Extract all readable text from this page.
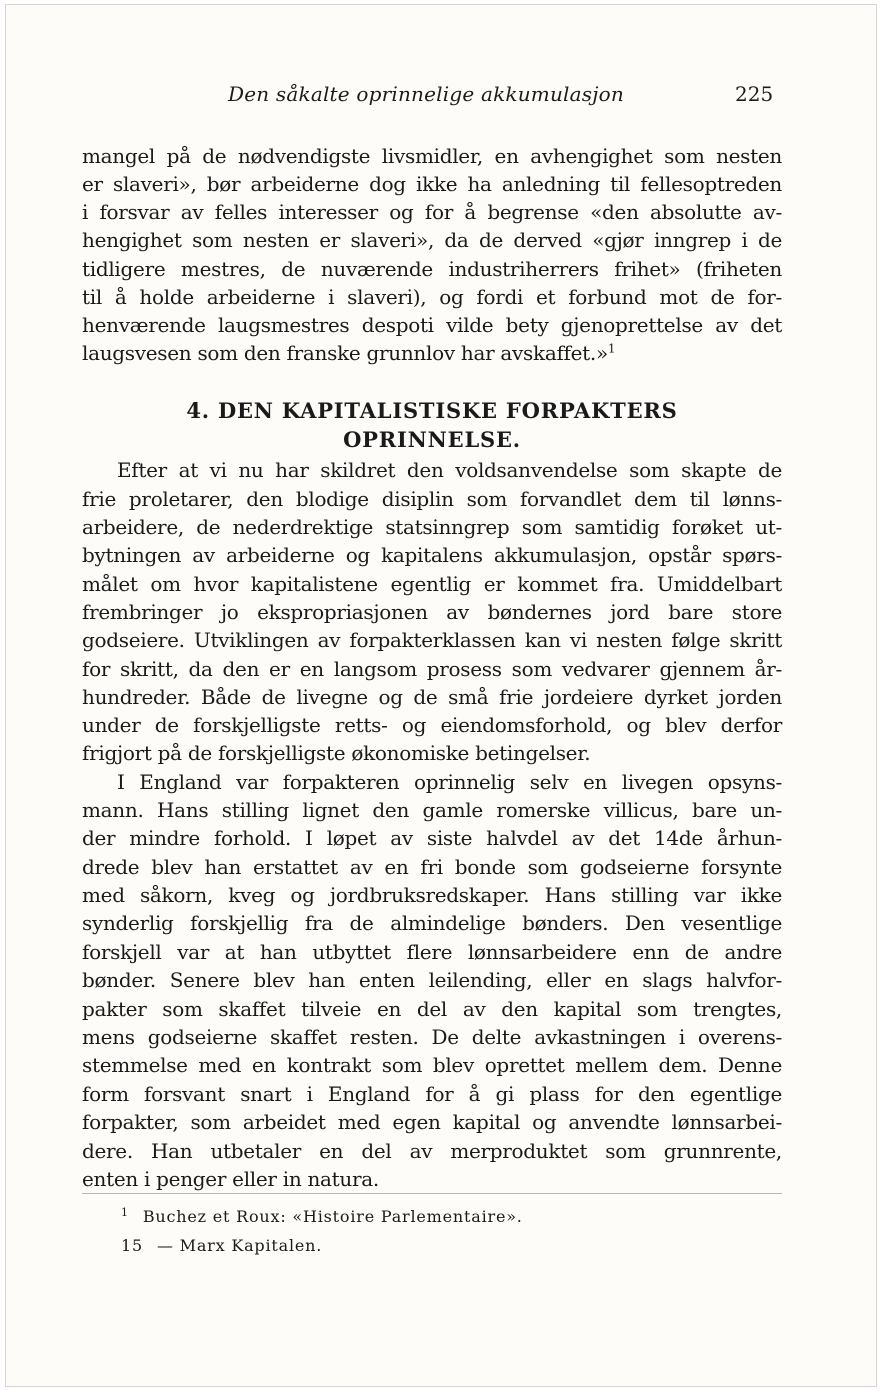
Den såkalte oprinnelige akkumulasjon	225
mangel på de nødvendigste livsmidler, en avhengighet som nesten
er slaveri», bør arbeiderne dog ikke ha anledning til fellesoptreden
i forsvar av felles interesser og for å begrense «den absolutte av-
hengighet som nesten er slaveri», da de derved «gjør inngrep i de
tidligere mestres, de nuværende industriherrers frihet» (friheten
til å holde arbeiderne i slaveri), og fordi et forbund mot de for-
henværende laugsmestres despoti vilde bety gjenoprettelse av det
laugsvesen som den franske grunnlov har avskaffet.»$^1$
4. DEN KAPITALISTISKE FORPAKTERS
OPRINNELSE.
Efter at vi nu har skildret den voldsanvendelse som skapte de
frie proletarer, den blodige disiplin som forvandlet dem til lønns-
arbeidere, de nederdrektige statsinngrep som samtidig forøket ut-
bytningen av arbeiderne og kapitalens akkumulasjon, opstår spørs-
målet om hvor kapitalistene egentlig er kommet fra. Umiddelbart
frembringer jo ekspropriasjonen av bøndernes jord bare store
godseiere. Utviklingen av forpakterklassen kan vi nesten følge skritt
for skritt, da den er en langsom prosess som vedvarer gjennem år-
hundreder. Både de livegne og de små frie jordeiere dyrket jorden
under de forskjelligste retts- og eiendomsforhold, og blev derfor
frigjort på de forskjelligste økonomiske betingelser.
I England var forpakteren oprinnelig selv en livegen opsyns-
mann. Hans stilling lignet den gamle romerske villicus, bare un-
der mindre forhold. I løpet av siste halvdel av det 14de århun-
drede blev han erstattet av en fri bonde som godseierne forsynte
med såkorn, kveg og jordbruksredskaper. Hans stilling var ikke
synderlig forskjellig fra de almindelige bønders. Den vesentlige
forskjell var at han utbyttet flere lønnsarbeidere enn de andre
bønder. Senere blev han enten leilending, eller en slags halvfor-
pakter som skaffet tilveie en del av den kapital som trengtes,
mens godseierne skaffet resten. De delte avkastningen i overens-
stemmelse med en kontrakt som blev oprettet mellem dem. Denne
form forsvant snart i England for å gi plass for den egentlige
forpakter, som arbeidet med egen kapital og anvendte lønnsarbei-
dere. Han utbetaler en del av merproduktet som grunnrente,
enten i penger eller in natura.
$^1$ Buchez et Roux: «Histoire Parlementaire».
15 — Marx Kapitalen.
